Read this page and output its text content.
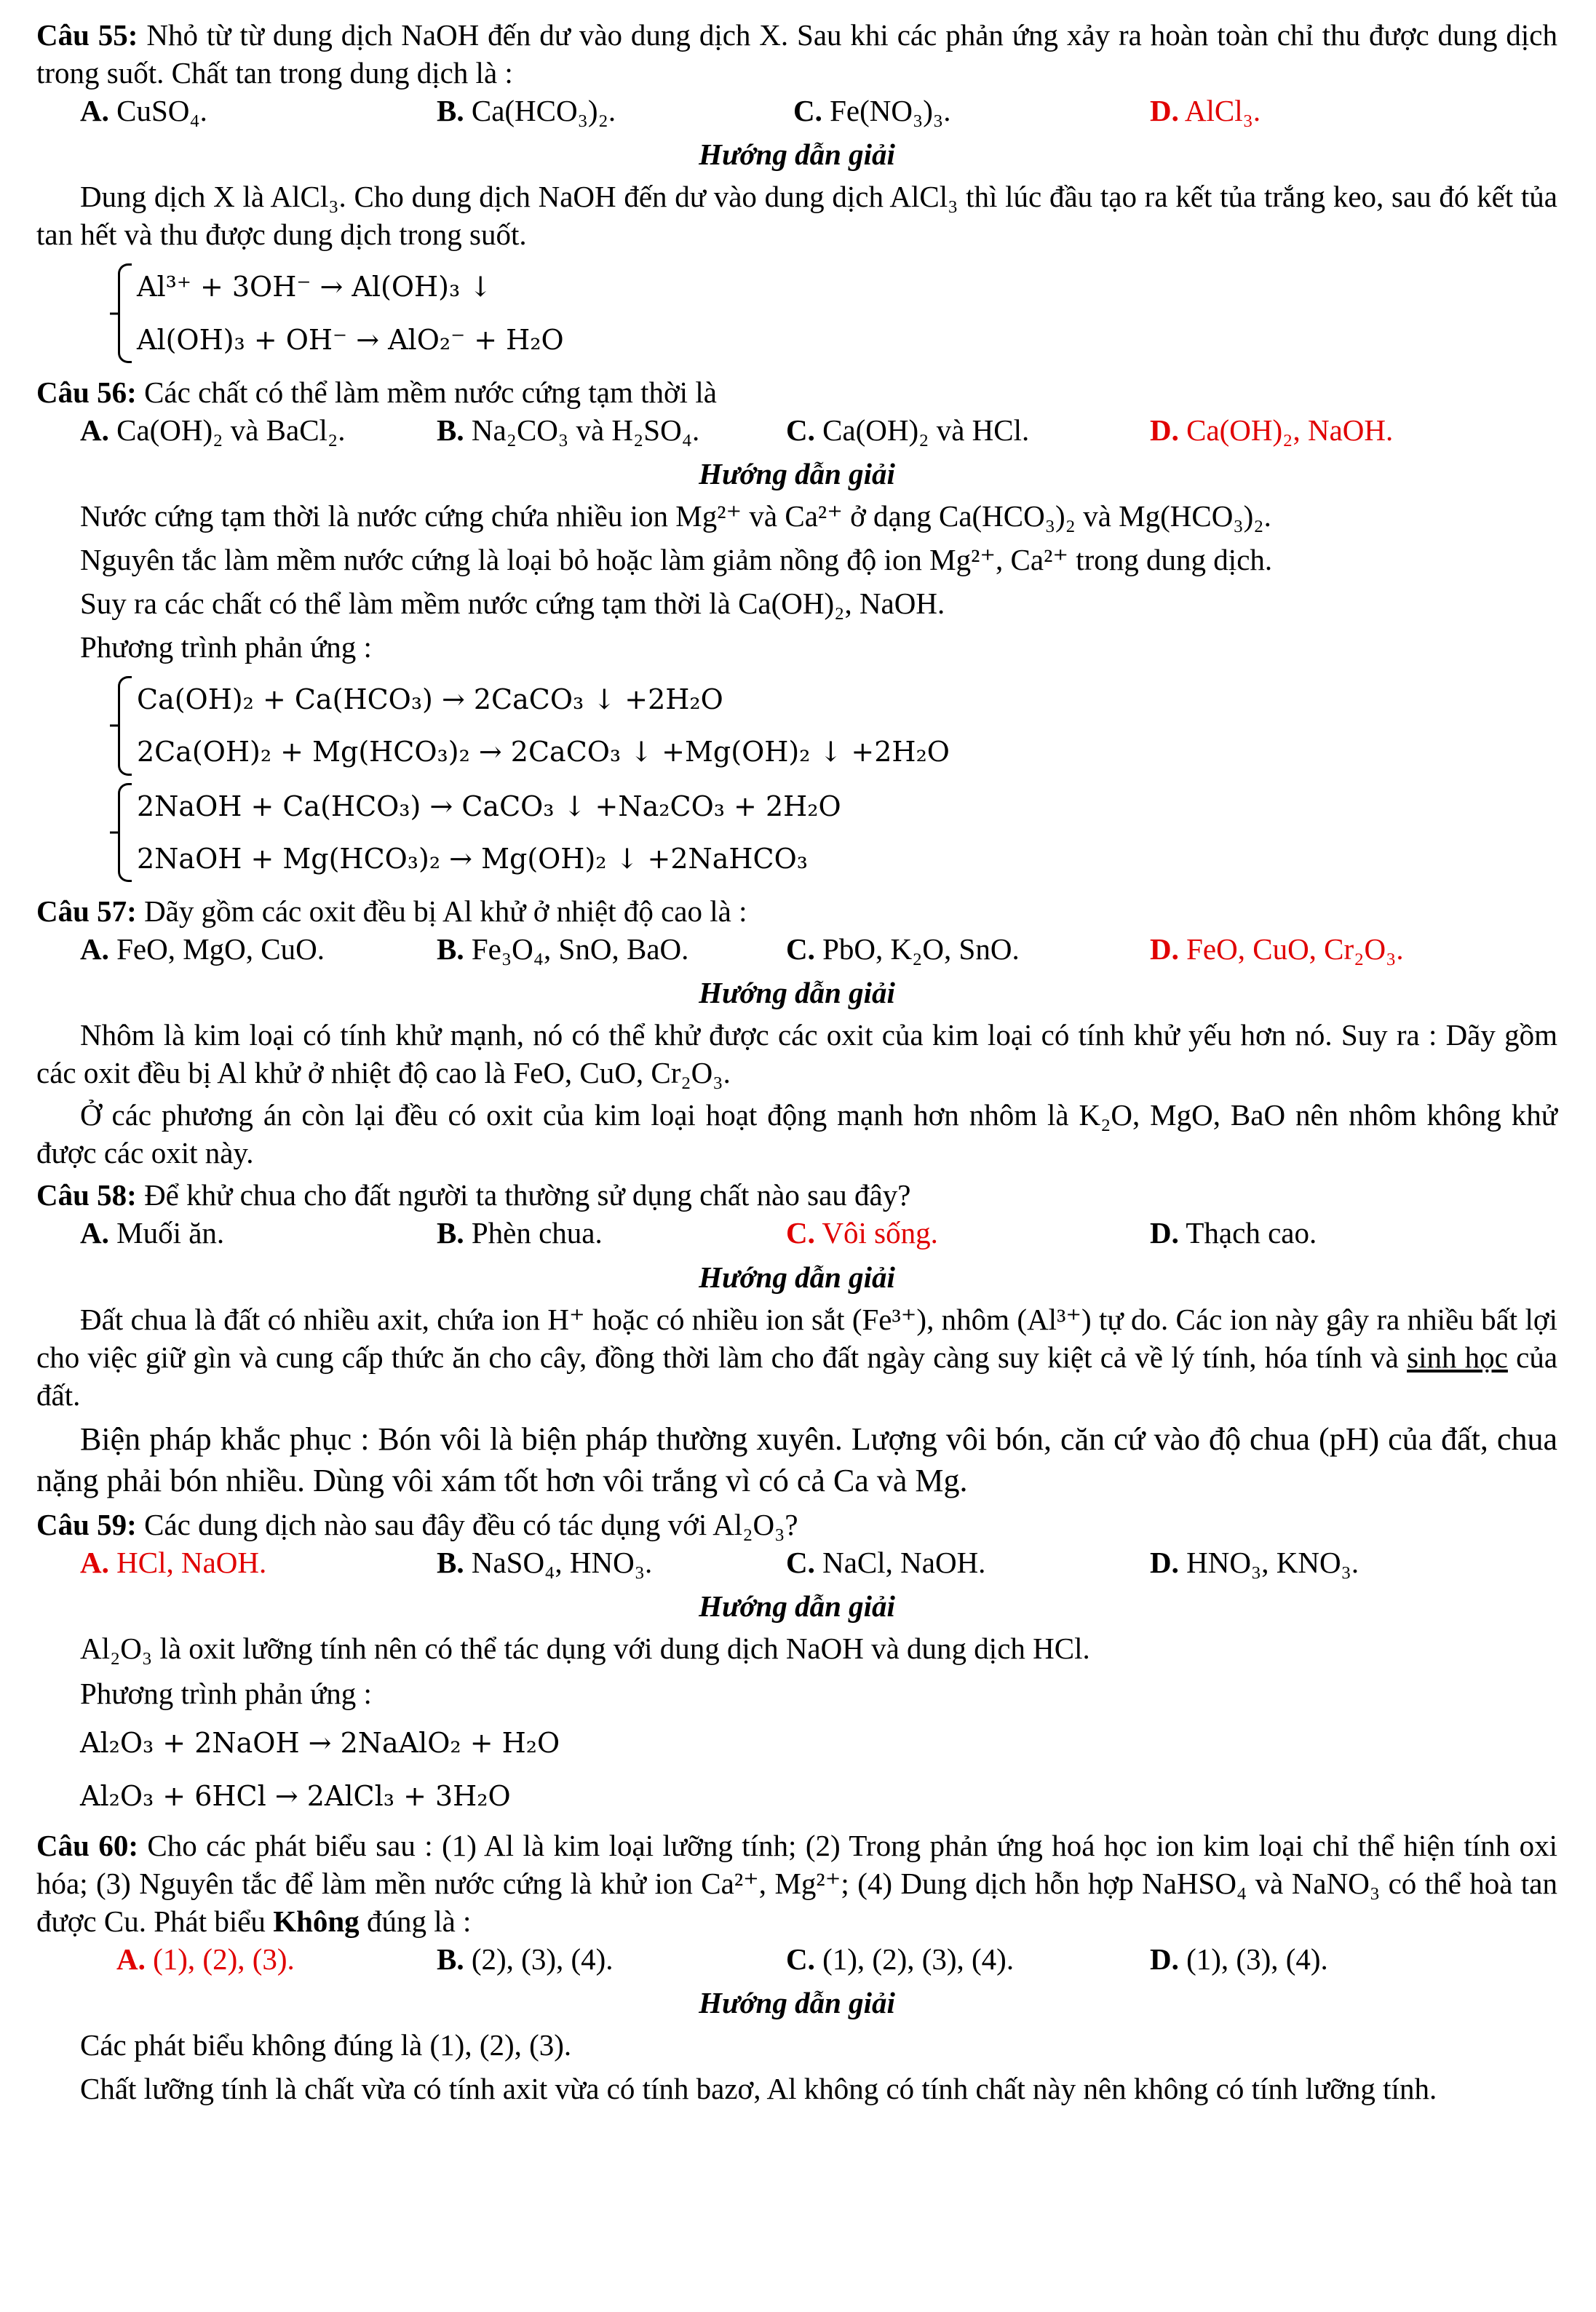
Câu 55: Nhỏ từ từ dung dịch NaOH đến dư vào dung dịch X. Sau khi các phản ứng xảy ra hoàn toàn chỉ thu được dung dịch trong suốt. Chất tan trong dung dịch là :
A. CuSO₄.	B. Ca(HCO₃)₂.	C. Fe(NO₃)₃.	D. AlCl₃.
Hướng dẫn giải
Dung dịch X là AlCl₃. Cho dung dịch NaOH đến dư vào dung dịch AlCl₃ thì lúc đầu tạo ra kết tủa trắng keo, sau đó kết tủa tan hết và thu được dung dịch trong suốt.
Al³⁺ + 3OH⁻ → Al(OH)₃ ↓
Al(OH)₃ + OH⁻ → AlO₂⁻ + H₂O
Câu 56: Các chất có thể làm mềm nước cứng tạm thời là
A. Ca(OH)₂ và BaCl₂.	B. Na₂CO₃ và H₂SO₄.	C. Ca(OH)₂ và HCl.	D. Ca(OH)₂, NaOH.
Hướng dẫn giải
Nước cứng tạm thời là nước cứng chứa nhiều ion Mg²⁺ và Ca²⁺ ở dạng Ca(HCO₃)₂ và Mg(HCO₃)₂.
Nguyên tắc làm mềm nước cứng là loại bỏ hoặc làm giảm nồng độ ion Mg²⁺, Ca²⁺ trong dung dịch.
Suy ra các chất có thể làm mềm nước cứng tạm thời là Ca(OH)₂, NaOH.
Phương trình phản ứng :
Ca(OH)₂ + Ca(HCO₃) → 2CaCO₃ ↓ +2H₂O
2Ca(OH)₂ + Mg(HCO₃)₂ → 2CaCO₃ ↓ +Mg(OH)₂ ↓ +2H₂O
2NaOH + Ca(HCO₃) → CaCO₃ ↓ +Na₂CO₃ + 2H₂O
2NaOH + Mg(HCO₃)₂ → Mg(OH)₂ ↓ +2NaHCO₃
Câu 57: Dãy gồm các oxit đều bị Al khử ở nhiệt độ cao là :
A. FeO, MgO, CuO.	B. Fe₃O₄, SnO, BaO.	C. PbO, K₂O, SnO.	D. FeO, CuO, Cr₂O₃.
Hướng dẫn giải
Nhôm là kim loại có tính khử mạnh, nó có thể khử được các oxit của kim loại có tính khử yếu hơn nó. Suy ra : Dãy gồm các oxit đều bị Al khử ở nhiệt độ cao là FeO, CuO, Cr₂O₃.
Ở các phương án còn lại đều có oxit của kim loại hoạt động mạnh hơn nhôm là K₂O, MgO, BaO nên nhôm không khử được các oxit này.
Câu 58: Để khử chua cho đất người ta thường sử dụng chất nào sau đây?
A. Muối ăn.	B. Phèn chua.	C. Vôi sống.	D. Thạch cao.
Hướng dẫn giải
Đất chua là đất có nhiều axit, chứa ion H⁺ hoặc có nhiều ion sắt (Fe³⁺), nhôm (Al³⁺) tự do. Các ion này gây ra nhiều bất lợi cho việc giữ gìn và cung cấp thức ăn cho cây, đồng thời làm cho đất ngày càng suy kiệt cả về lý tính, hóa tính và sinh học của đất.
Biện pháp khắc phục : Bón vôi là biện pháp thường xuyên. Lượng vôi bón, căn cứ vào độ chua (pH) của đất, chua nặng phải bón nhiều. Dùng vôi xám tốt hơn vôi trắng vì có cả Ca và Mg.
Câu 59: Các dung dịch nào sau đây đều có tác dụng với Al₂O₃?
A. HCl, NaOH.	B. NaSO₄, HNO₃.	C. NaCl, NaOH.	D. HNO₃, KNO₃.
Hướng dẫn giải
Al₂O₃ là oxit lưỡng tính nên có thể tác dụng với dung dịch NaOH và dung dịch HCl.
Phương trình phản ứng :
Al₂O₃ + 2NaOH → 2NaAlO₂ + H₂O
Al₂O₃ + 6HCl → 2AlCl₃ + 3H₂O
Câu 60: Cho các phát biểu sau : (1) Al là kim loại lưỡng tính; (2) Trong phản ứng hoá học ion kim loại chỉ thể hiện tính oxi hóa; (3) Nguyên tắc để làm mền nước cứng là khử ion Ca²⁺, Mg²⁺; (4) Dung dịch hỗn hợp NaHSO₄ và NaNO₃ có thể hoà tan được Cu. Phát biểu Không đúng là :
A. (1), (2), (3).	B. (2), (3), (4).	C. (1), (2), (3), (4).	D. (1), (3), (4).
Hướng dẫn giải
Các phát biểu không đúng là (1), (2), (3).
Chất lưỡng tính là chất vừa có tính axit vừa có tính bazơ, Al không có tính chất này nên không có tính lưỡng tính.
